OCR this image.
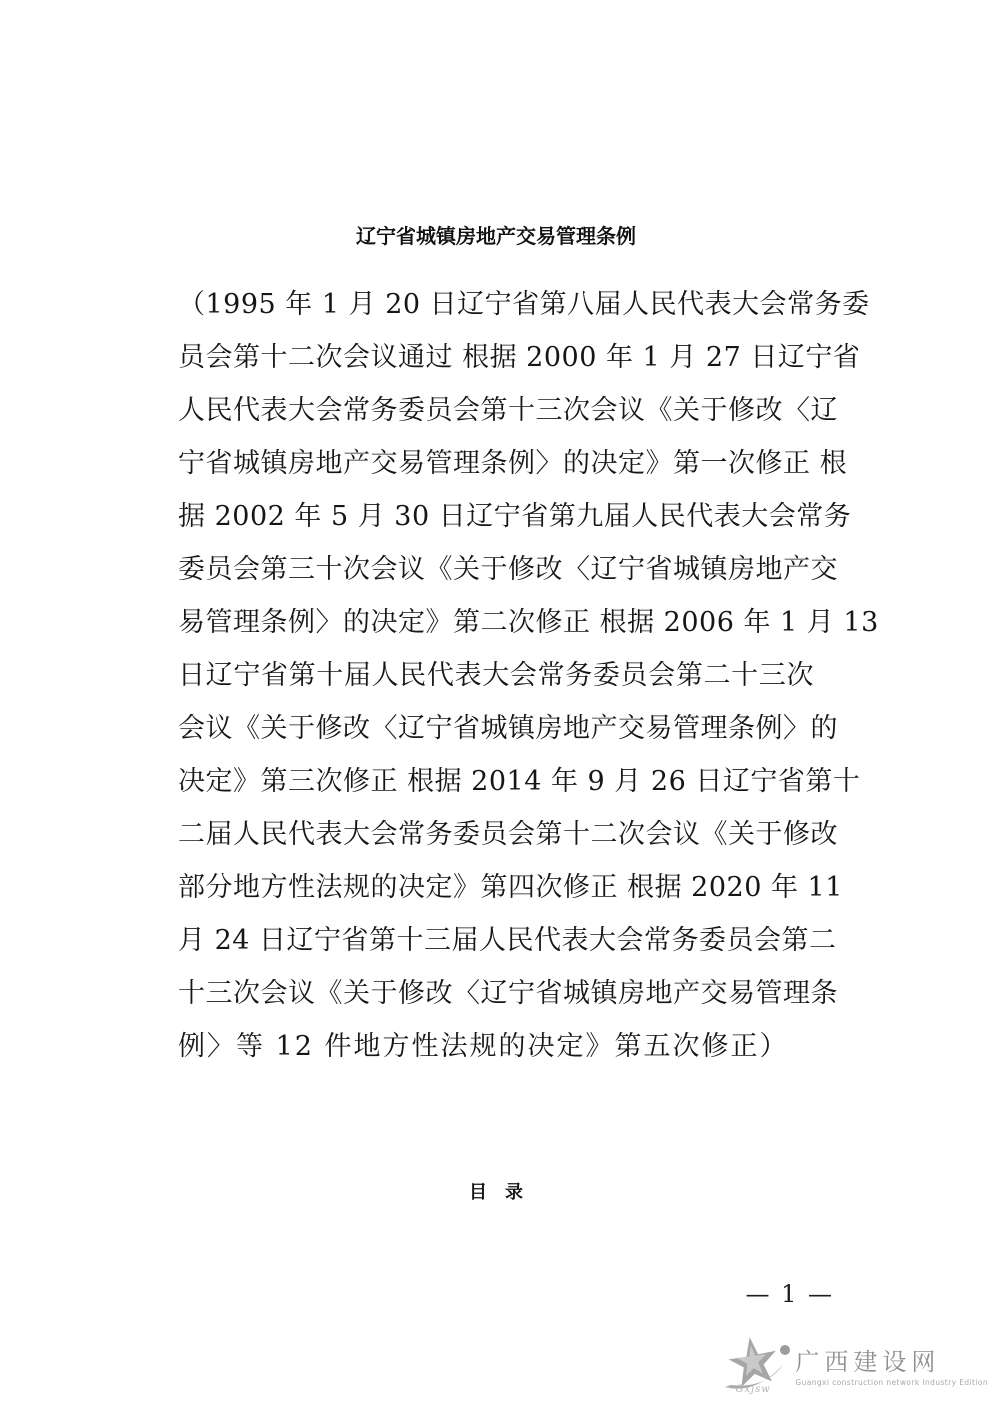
辽宁省城镇房地产交易管理条例
（1995 年 1 月 20 日辽宁省第八届人民代表大会常务委
员会第十二次会议通过 根据 2000 年 1 月 27 日辽宁省
人民代表大会常务委员会第十三次会议《关于修改〈辽
宁省城镇房地产交易管理条例〉的决定》第一次修正 根
据 2002 年 5 月 30 日辽宁省第九届人民代表大会常务
委员会第三十次会议《关于修改〈辽宁省城镇房地产交
易管理条例〉的决定》第二次修正 根据 2006 年 1 月 13
日辽宁省第十届人民代表大会常务委员会第二十三次
会议《关于修改〈辽宁省城镇房地产交易管理条例〉的
决定》第三次修正 根据 2014 年 9 月 26 日辽宁省第十
二届人民代表大会常务委员会第十二次会议《关于修改
部分地方性法规的决定》第四次修正 根据 2020 年 11
月 24 日辽宁省第十三届人民代表大会常务委员会第二
十三次会议《关于修改〈辽宁省城镇房地产交易管理条
例〉等 12 件地方性法规的决定》第五次修正）
目　录
— 1 —
Gxjsw
广西建设网
Guangxi construction network Industry Edition
